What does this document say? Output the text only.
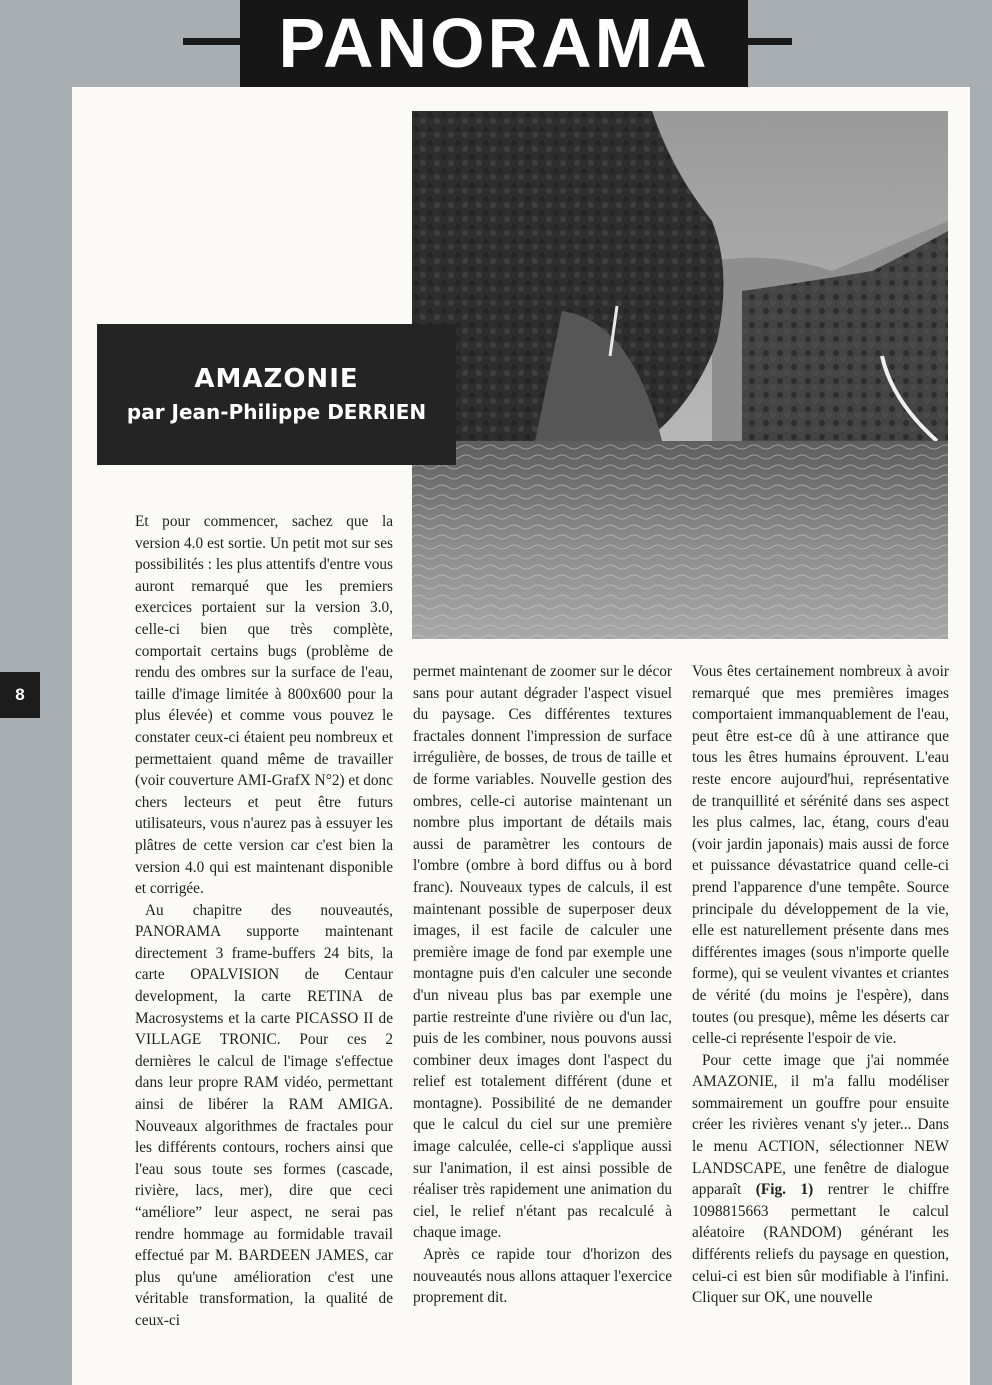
PANORAMA
AMAZONIE
par Jean-Philippe DERRIEN
8

Et pour commencer, sachez que la version 4.0 est sortie. Un petit mot sur ses possibilités : les plus attentifs d'entre vous auront remarqué que les premiers exercices portaient sur la version 3.0, celle-ci bien que très complète, comportait certains bugs (problème de rendu des ombres sur la surface de l'eau, taille d'image limitée à 800x600 pour la plus élevée) et comme vous pouvez le constater ceux-ci étaient peu nombreux et permettaient quand même de travailler (voir couverture AMI-GrafX N°2) et donc chers lecteurs et peut être futurs utilisateurs, vous n'aurez pas à essuyer les plâtres de cette version car c'est bien la version 4.0 qui est maintenant disponible et corrigée.

Au chapitre des nouveautés, PANORAMA supporte maintenant directement 3 frame-buffers 24 bits, la carte OPALVISION de Centaur development, la carte RETINA de Macrosystems et la carte PICASSO II de VILLAGE TRONIC. Pour ces 2 dernières le calcul de l'image s'effectue dans leur propre RAM vidéo, permettant ainsi de libérer la RAM AMIGA. Nouveaux algorithmes de fractales pour les différents contours, rochers ainsi que l'eau sous toute ses formes (cascade, rivière, lacs, mer), dire que ceci “améliore” leur aspect, ne serai pas rendre hommage au formidable travail effectué par M. BARDEEN JAMES, car plus qu'une amélioration c'est une véritable transformation, la qualité de ceux-ci

permet maintenant de zoomer sur le décor sans pour autant dégrader l'aspect visuel du paysage. Ces différentes textures fractales donnent l'impression de surface irrégulière, de bosses, de trous de taille et de forme variables. Nouvelle gestion des ombres, celle-ci autorise maintenant un nombre plus important de détails mais aussi de paramètrer les contours de l'ombre (ombre à bord diffus ou à bord franc). Nouveaux types de calculs, il est maintenant possible de superposer deux images, il est facile de calculer une première image de fond par exemple une montagne puis d'en calculer une seconde d'un niveau plus bas par exemple une partie restreinte d'une rivière ou d'un lac, puis de les combiner, nous pouvons aussi combiner deux images dont l'aspect du relief est totalement différent (dune et montagne). Possibilité de ne demander que le calcul du ciel sur une première image calculée, celle-ci s'applique aussi sur l'animation, il est ainsi possible de réaliser très rapidement une animation du ciel, le relief n'étant pas recalculé à chaque image.

Après ce rapide tour d'horizon des nouveautés nous allons attaquer l'exercice proprement dit.

Vous êtes certainement nombreux à avoir remarqué que mes premières images comportaient immanquablement de l'eau, peut être est-ce dû à une attirance que tous les êtres humains éprouvent. L'eau reste encore aujourd'hui, représentative de tranquillité et sérénité dans ses aspect les plus calmes, lac, étang, cours d'eau (voir jardin japonais) mais aussi de force et puissance dévastatrice quand celle-ci prend l'apparence d'une tempête. Source principale du développement de la vie, elle est naturellement présente dans mes différentes images (sous n'importe quelle forme), qui se veulent vivantes et criantes de vérité (du moins je l'espère), dans toutes (ou presque), même les déserts car celle-ci représente l'espoir de vie.

Pour cette image que j'ai nommée AMAZONIE, il m'a fallu modéliser sommairement un gouffre pour ensuite créer les rivières venant s'y jeter... Dans le menu ACTION, sélectionner NEW LANDSCAPE, une fenêtre de dialogue apparaît (Fig. 1) rentrer le chiffre 1098815663 permettant le calcul aléatoire (RANDOM) générant les différents reliefs du paysage en question, celui-ci est bien sûr modifiable à l'infini. Cliquer sur OK, une nouvelle
